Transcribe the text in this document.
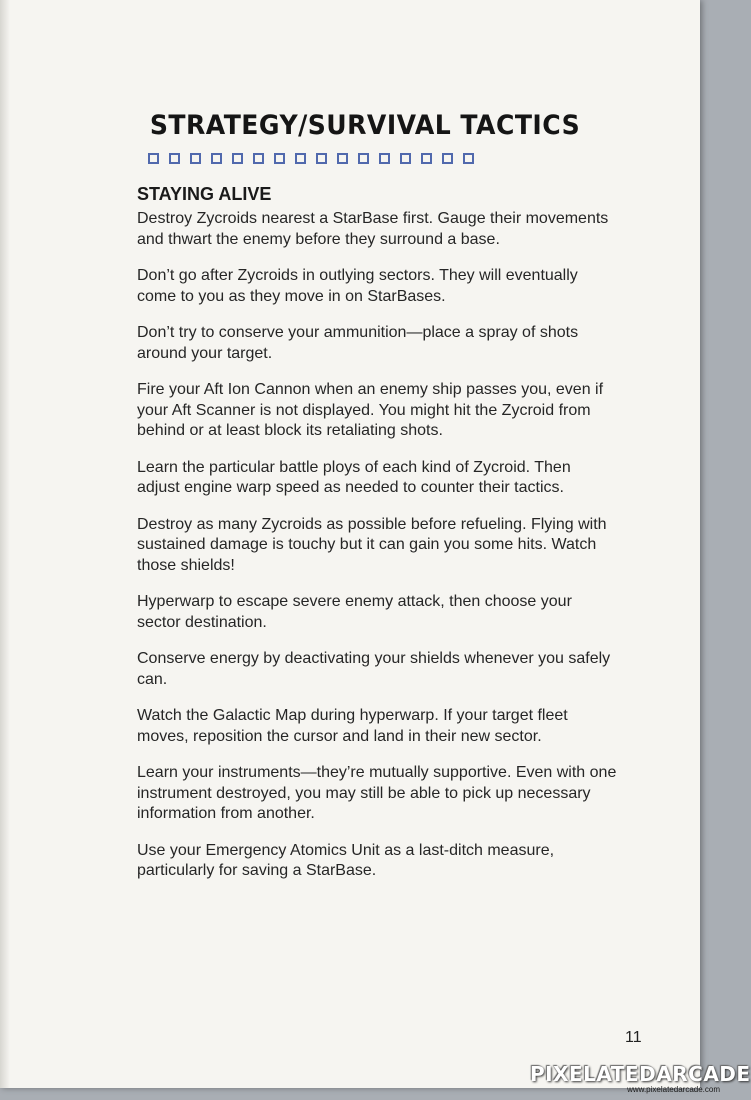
STRATEGY/SURVIVAL TACTICS
STAYING ALIVE

Destroy Zycroids nearest a StarBase first. Gauge their movements and thwart the enemy before they surround a base.

Don’t go after Zycroids in outlying sectors. They will eventually come to you as they move in on StarBases.

Don’t try to conserve your ammunition—place a spray of shots around your target.

Fire your Aft Ion Cannon when an enemy ship passes you, even if your Aft Scanner is not displayed. You might hit the Zycroid from behind or at least block its retaliating shots.

Learn the particular battle ploys of each kind of Zycroid. Then adjust engine warp speed as needed to counter their tactics.

Destroy as many Zycroids as possible before refueling. Flying with sustained damage is touchy but it can gain you some hits. Watch those shields!

Hyperwarp to escape severe enemy attack, then choose your sector destination.

Conserve energy by deactivating your shields whenever you safely can.

Watch the Galactic Map during hyperwarp. If your target fleet moves, reposition the cursor and land in their new sector.

Learn your instruments—they’re mutually supportive. Even with one instrument destroyed, you may still be able to pick up necessary information from another.

Use your Emergency Atomics Unit as a last-ditch measure, particularly for saving a StarBase.

11
PIXELATEDARCADE
www.pixelatedarcade.com
